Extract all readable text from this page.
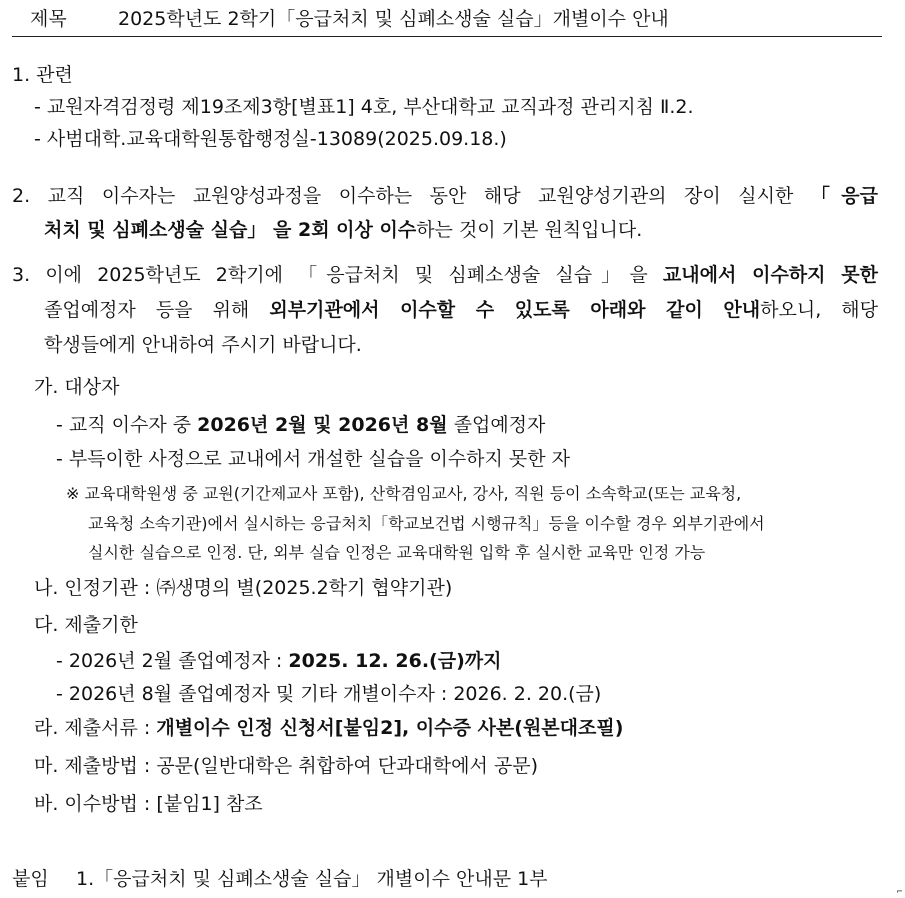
제목	2025학년도 2학기「응급처치 및 심폐소생술 실습」개별이수 안내
1. 관련
- 교원자격검정령 제19조제3항[별표1] 4호, 부산대학교 교직과정 관리지침 Ⅱ.2.
- 사범대학.교육대학원통합행정실-13089(2025.09.18.)
2. 교직 이수자는 교원양성과정을 이수하는 동안 해당 교원양성기관의 장이 실시한 「응급
처치 및 심폐소생술 실습」 을 2회 이상 이수하는 것이 기본 원칙입니다.
3. 이에 2025학년도 2학기에 「응급처치 및 심폐소생술 실습」을 교내에서 이수하지 못한
졸업예정자 등을 위해 외부기관에서 이수할 수 있도록 아래와 같이 안내하오니, 해당
학생들에게 안내하여 주시기 바랍니다.
가. 대상자
- 교직 이수자 중 2026년 2월 및 2026년 8월 졸업예정자
- 부득이한 사정으로 교내에서 개설한 실습을 이수하지 못한 자
※ 교육대학원생 중 교원(기간제교사 포함), 산학겸임교사, 강사, 직원 등이 소속학교(또는 교육청,
교육청 소속기관)에서 실시하는 응급처치「학교보건법 시행규칙」등을 이수할 경우 외부기관에서
실시한 실습으로 인정. 단, 외부 실습 인정은 교육대학원 입학 후 실시한 교육만 인정 가능
나. 인정기관 : ㈜생명의 별(2025.2학기 협약기관)
다. 제출기한
- 2026년 2월 졸업예정자 : 2025. 12. 26.(금)까지
- 2026년 8월 졸업예정자 및 기타 개별이수자 : 2026. 2. 20.(금)
라. 제출서류 : 개별이수 인정 신청서[붙임2], 이수증 사본(원본대조필)
마. 제출방법 : 공문(일반대학은 취합하여 단과대학에서 공문)
바. 이수방법 : [붙임1] 참조
붙임 1.「응급처치 및 심폐소생술 실습」 개별이수 안내문 1부
⌐
